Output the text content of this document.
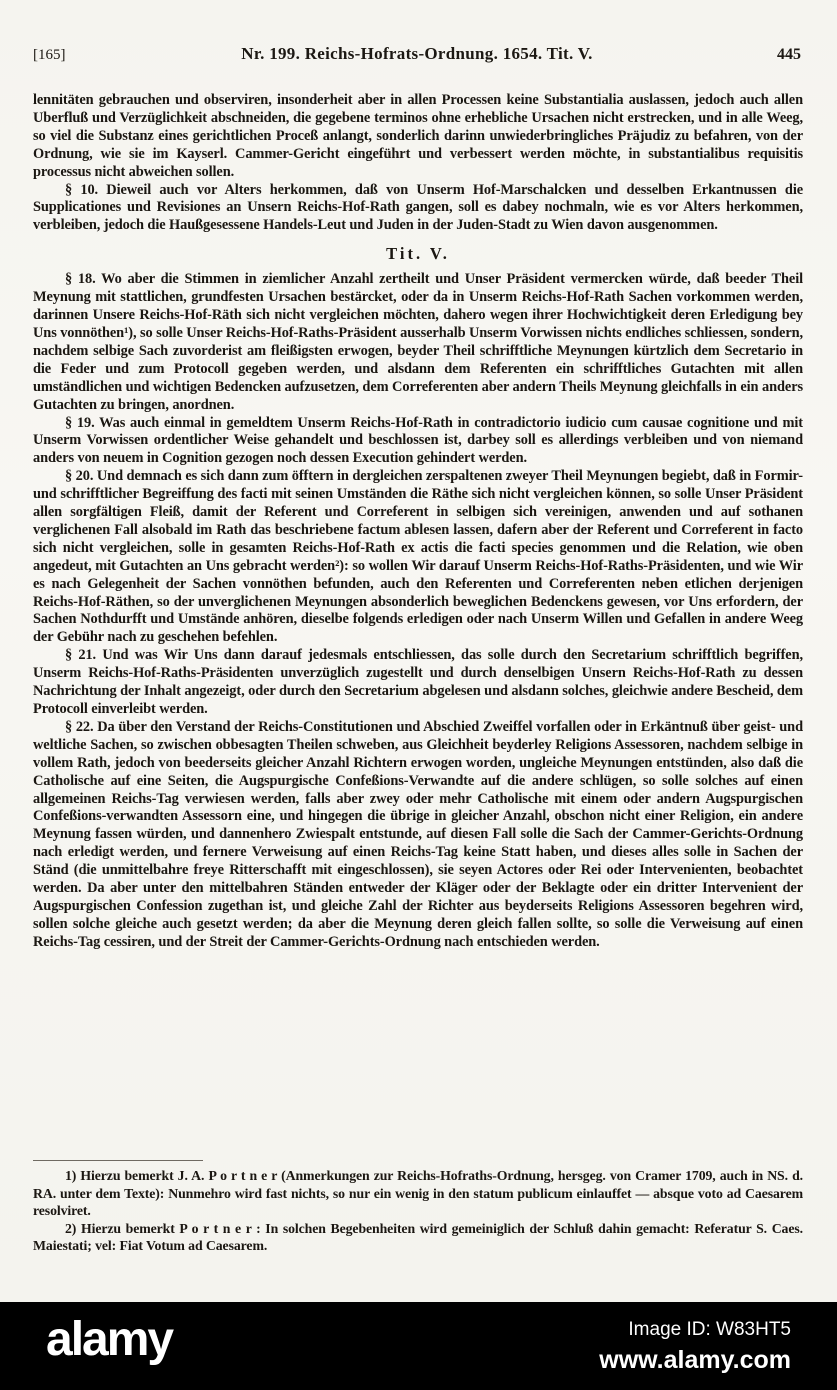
[165]	Nr. 199. Reichs-Hofrats-Ordnung. 1654. Tit. V.	445

lennitäten gebrauchen und observiren, insonderheit aber in allen Processen keine Substantialia auslassen, jedoch auch allen Uberfluß und Verzüglichkeit abschneiden, die gegebene terminos ohne erhebliche Ursachen nicht erstrecken, und in alle Weeg, so viel die Substanz eines gerichtlichen Proceß anlangt, sonderlich darinn unwiederbringliches Präjudiz zu befahren, von der Ordnung, wie sie im Kayserl. Cammer-Gericht eingeführt und verbessert werden möchte, in substantialibus requisitis processus nicht abweichen sollen.

§ 10. Dieweil auch vor Alters herkommen, daß von Unserm Hof-Marschalcken und desselben Erkantnussen die Supplicationes und Revisiones an Unsern Reichs-Hof-Rath gangen, soll es dabey nochmaln, wie es vor Alters herkommen, verbleiben, jedoch die Haußgesessene Handels-Leut und Juden in der Juden-Stadt zu Wien davon ausgenommen.

Tit. V.

§ 18. Wo aber die Stimmen in ziemlicher Anzahl zertheilt und Unser Präsident vermercken würde, daß beeder Theil Meynung mit stattlichen, grundfesten Ursachen bestärcket, oder da in Unserm Reichs-Hof-Rath Sachen vorkommen werden, darinnen Unsere Reichs-Hof-Räth sich nicht vergleichen möchten, dahero wegen ihrer Hochwichtigkeit deren Erledigung bey Uns vonnöthen¹), so solle Unser Reichs-Hof-Raths-Präsident ausserhalb Unserm Vorwissen nichts endliches schliessen, sondern, nachdem selbige Sach zuvorderist am fleißigsten erwogen, beyder Theil schrifftliche Meynungen kürtzlich dem Secretario in die Feder und zum Protocoll gegeben werden, und alsdann dem Referenten ein schrifftliches Gutachten mit allen umständlichen und wichtigen Bedencken aufzusetzen, dem Correferenten aber andern Theils Meynung gleichfalls in ein anders Gutachten zu bringen, anordnen.

§ 19. Was auch einmal in gemeldtem Unserm Reichs-Hof-Rath in contradictorio iudicio cum causae cognitione und mit Unserm Vorwissen ordentlicher Weise gehandelt und beschlossen ist, darbey soll es allerdings verbleiben und von niemand anders von neuem in Cognition gezogen noch dessen Execution gehindert werden.

§ 20. Und demnach es sich dann zum öfftern in dergleichen zerspaltenen zweyer Theil Meynungen begiebt, daß in Formir- und schrifftlicher Begreiffung des facti mit seinen Umständen die Räthe sich nicht vergleichen können, so solle Unser Präsident allen sorgfältigen Fleiß, damit der Referent und Correferent in selbigen sich vereinigen, anwenden und auf sothanen verglichenen Fall alsobald im Rath das beschriebene factum ablesen lassen, dafern aber der Referent und Correferent in facto sich nicht vergleichen, solle in gesamten Reichs-Hof-Rath ex actis die facti species genommen und die Relation, wie oben angedeut, mit Gutachten an Uns gebracht werden²): so wollen Wir darauf Unserm Reichs-Hof-Raths-Präsidenten, und wie Wir es nach Gelegenheit der Sachen vonnöthen befunden, auch den Referenten und Correferenten neben etlichen derjenigen Reichs-Hof-Räthen, so der unverglichenen Meynungen absonderlich beweglichen Bedenckens gewesen, vor Uns erfordern, der Sachen Nothdurfft und Umstände anhören, dieselbe folgends erledigen oder nach Unserm Willen und Gefallen in andere Weeg der Gebühr nach zu geschehen befehlen.

§ 21. Und was Wir Uns dann darauf jedesmals entschliessen, das solle durch den Secretarium schrifftlich begriffen, Unserm Reichs-Hof-Raths-Präsidenten unverzüglich zugestellt und durch denselbigen Unsern Reichs-Hof-Rath zu dessen Nachrichtung der Inhalt angezeigt, oder durch den Secretarium abgelesen und alsdann solches, gleichwie andere Bescheid, dem Protocoll einverleibt werden.

§ 22. Da über den Verstand der Reichs-Constitutionen und Abschied Zweiffel vorfallen oder in Erkäntnuß über geist- und weltliche Sachen, so zwischen obbesagten Theilen schweben, aus Gleichheit beyderley Religions Assessoren, nachdem selbige in vollem Rath, jedoch von beederseits gleicher Anzahl Richtern erwogen worden, ungleiche Meynungen entstünden, also daß die Catholische auf eine Seiten, die Augspurgische Confeßions-Verwandte auf die andere schlügen, so solle solches auf einen allgemeinen Reichs-Tag verwiesen werden, falls aber zwey oder mehr Catholische mit einem oder andern Augspurgischen Confeßions-verwandten Assessorn eine, und hingegen die übrige in gleicher Anzahl, obschon nicht einer Religion, ein andere Meynung fassen würden, und dannenhero Zwiespalt entstunde, auf diesen Fall solle die Sach der Cammer-Gerichts-Ordnung nach erledigt werden, und fernere Verweisung auf einen Reichs-Tag keine Statt haben, und dieses alles solle in Sachen der Ständ (die unmittelbahre freye Ritterschafft mit eingeschlossen), sie seyen Actores oder Rei oder Intervenienten, beobachtet werden. Da aber unter den mittelbahren Ständen entweder der Kläger oder der Beklagte oder ein dritter Intervenient der Augspurgischen Confession zugethan ist, und gleiche Zahl der Richter aus beyderseits Religions Assessoren begehren wird, sollen solche gleiche auch gesetzt werden; da aber die Meynung deren gleich fallen sollte, so solle die Verweisung auf einen Reichs-Tag cessiren, und der Streit der Cammer-Gerichts-Ordnung nach entschieden werden.

1) Hierzu bemerkt J. A. P o r t n e r (Anmerkungen zur Reichs-Hofraths-Ordnung, hersgeg. von Cramer 1709, auch in NS. d. RA. unter dem Texte): Nunmehro wird fast nichts, so nur ein wenig in den statum publicum einlauffet — absque voto ad Caesarem resolviret.

2) Hierzu bemerkt P o r t n e r : In solchen Begebenheiten wird gemeiniglich der Schluß dahin gemacht: Referatur S. Caes. Maiestati; vel: Fiat Votum ad Caesarem.

alamy	Image ID: W83HT5
www.alamy.com
